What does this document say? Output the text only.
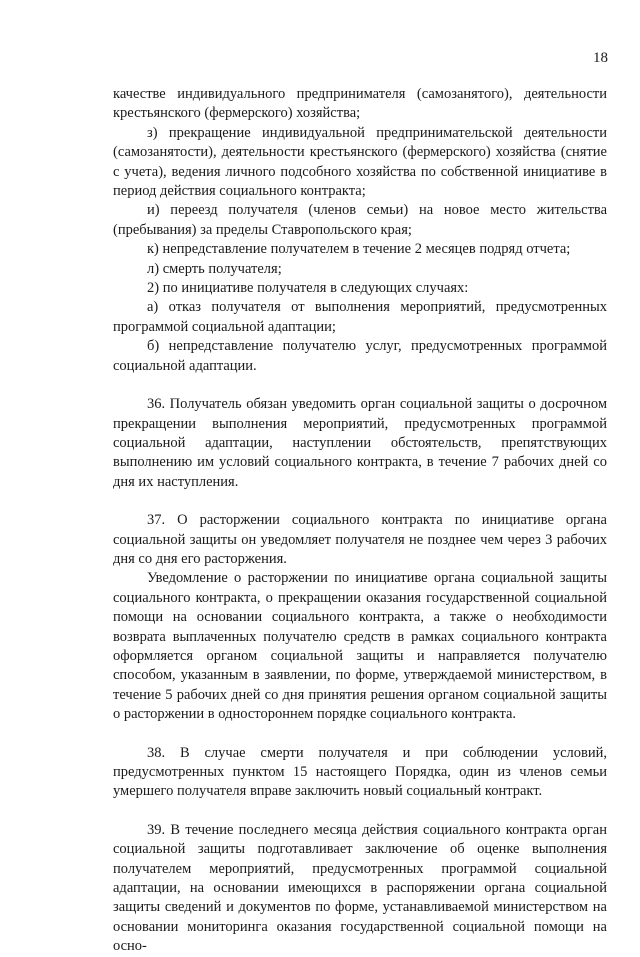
18

качестве индивидуального предпринимателя (самозанятого), деятельности крестьянского (фермерского) хозяйства;

з) прекращение индивидуальной предпринимательской деятельности (самозанятости), деятельности крестьянского (фермерского) хозяйства (снятие с учета), ведения личного подсобного хозяйства по собственной инициативе в период действия социального контракта;

и) переезд получателя (членов семьи) на новое место жительства (пребывания) за пределы Ставропольского края;

к) непредставление получателем в течение 2 месяцев подряд отчета;

л) смерть получателя;

2) по инициативе получателя в следующих случаях:

а) отказ получателя от выполнения мероприятий, предусмотренных программой социальной адаптации;

б) непредставление получателю услуг, предусмотренных программой социальной адаптации.

36. Получатель обязан уведомить орган социальной защиты о досрочном прекращении выполнения мероприятий, предусмотренных программой социальной адаптации, наступлении обстоятельств, препятствующих выполнению им условий социального контракта, в течение 7 рабочих дней со дня их наступления.

37. О расторжении социального контракта по инициативе органа социальной защиты он уведомляет получателя не позднее чем через 3 рабочих дня со дня его расторжения.

Уведомление о расторжении по инициативе органа социальной защиты социального контракта, о прекращении оказания государственной социальной помощи на основании социального контракта, а также о необходимости возврата выплаченных получателю средств в рамках социального контракта оформляется органом социальной защиты и направляется получателю способом, указанным в заявлении, по форме, утверждаемой министерством, в течение 5 рабочих дней со дня принятия решения органом социальной защиты о расторжении в одностороннем порядке социального контракта.

38. В случае смерти получателя и при соблюдении условий, предусмотренных пунктом 15 настоящего Порядка, один из членов семьи умершего получателя вправе заключить новый социальный контракт.

39. В течение последнего месяца действия социального контракта орган социальной защиты подготавливает заключение об оценке выполнения получателем мероприятий, предусмотренных программой социальной адаптации, на основании имеющихся в распоряжении органа социальной защиты сведений и документов по форме, устанавливаемой министерством на основании мониторинга оказания государственной социальной помощи на осно-
